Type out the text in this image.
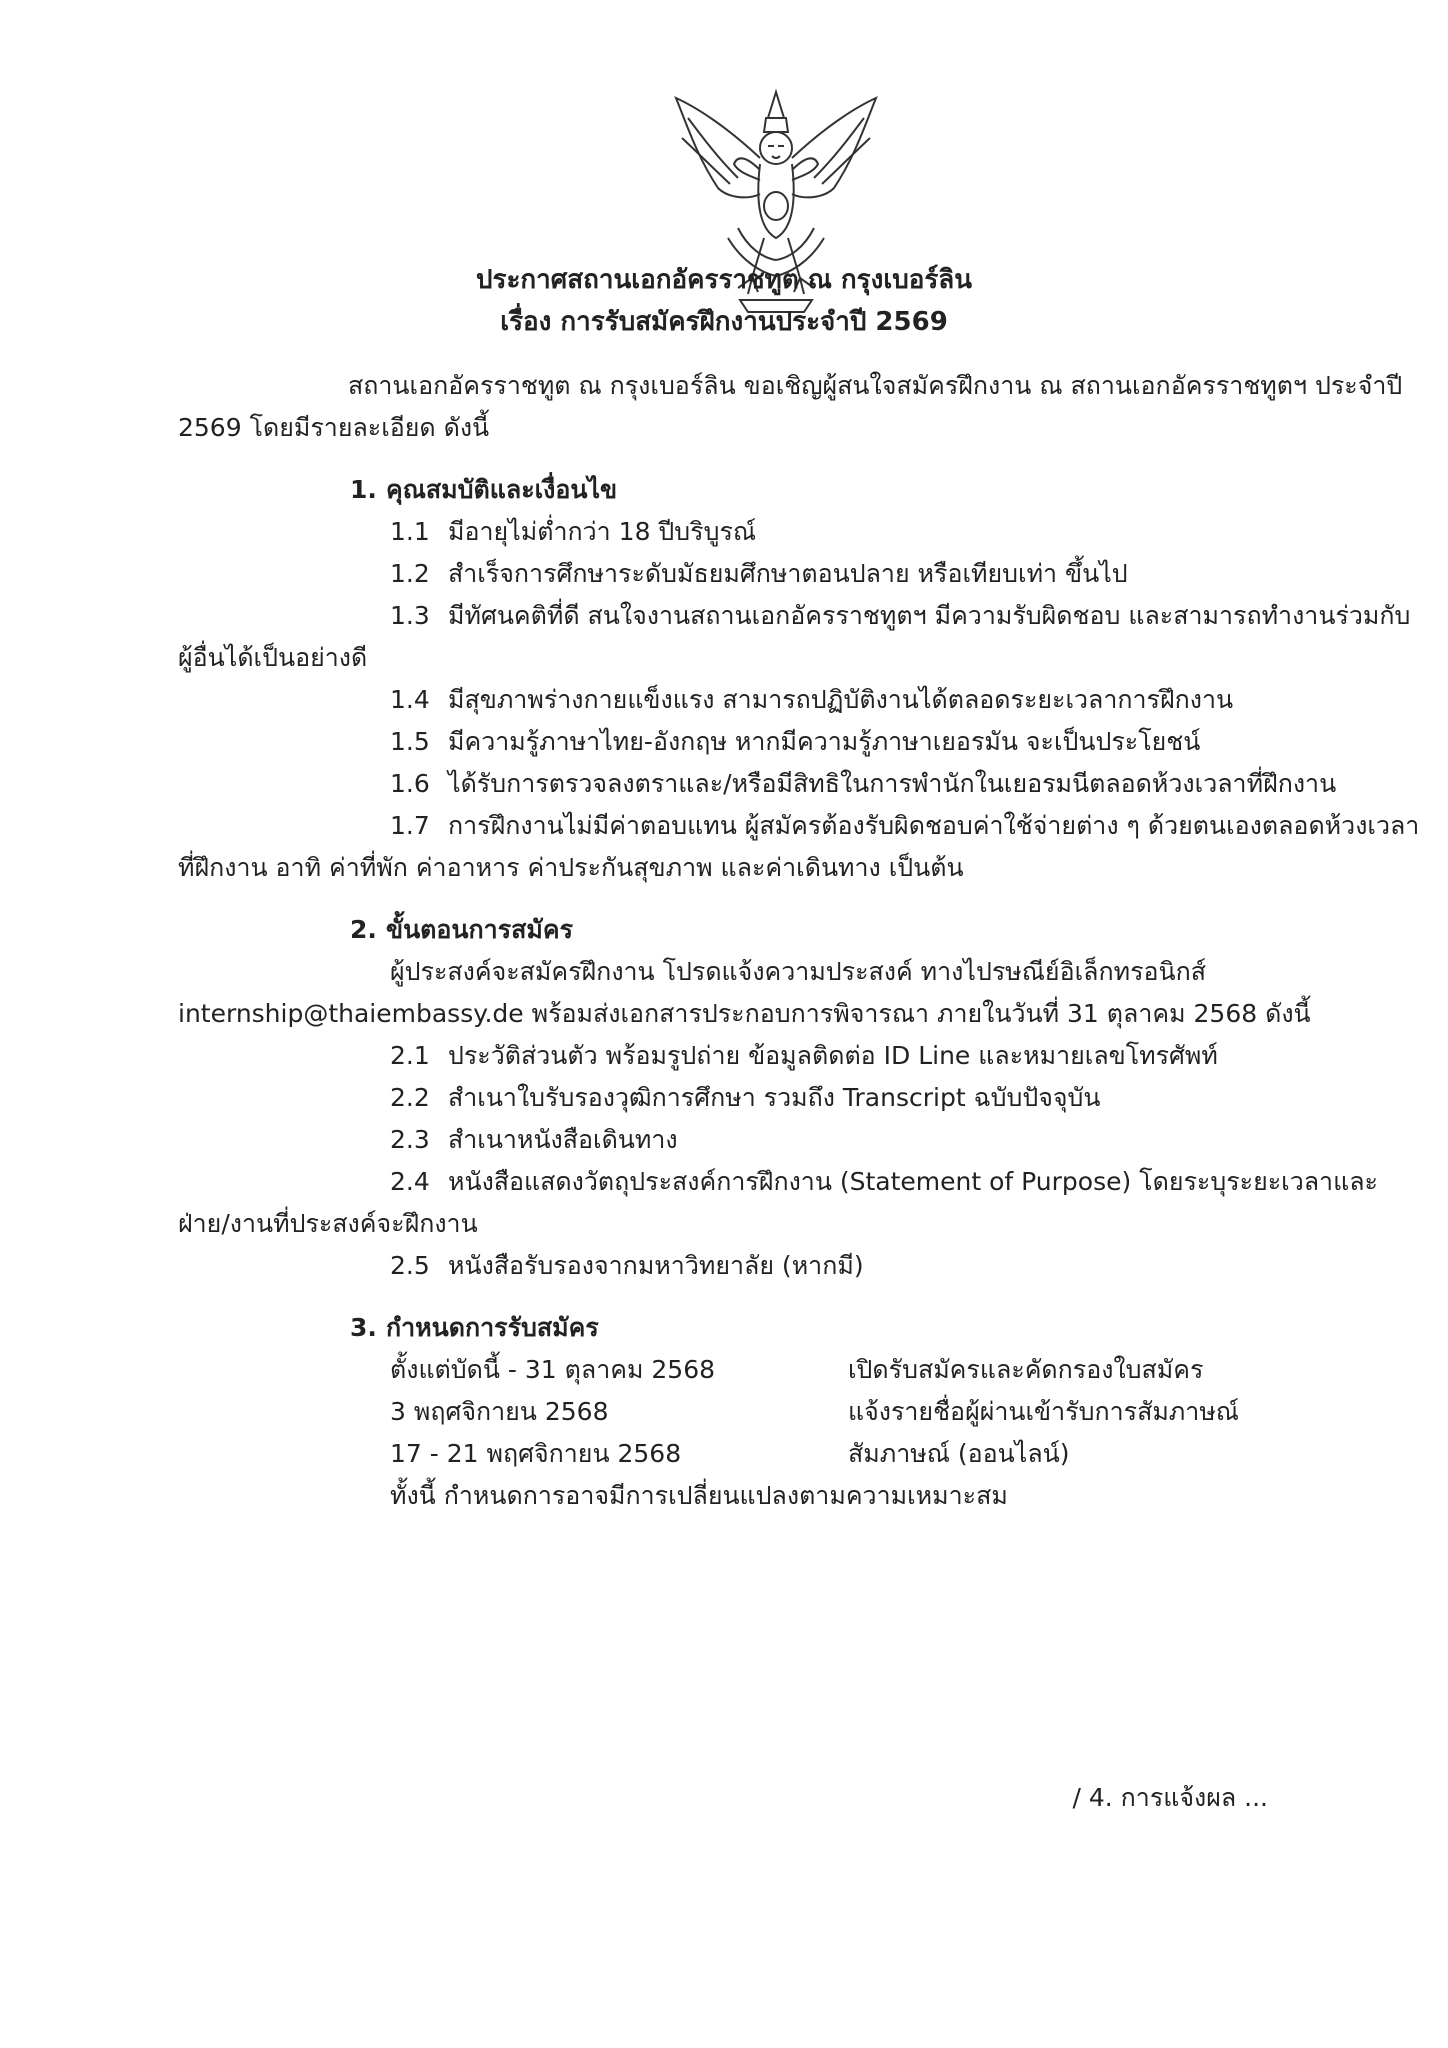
ประกาศสถานเอกอัครราชทูต ณ กรุงเบอร์ลิน
เรื่อง การรับสมัครฝึกงานประจำปี 2569
สถานเอกอัครราชทูต ณ กรุงเบอร์ลิน ขอเชิญผู้สนใจสมัครฝึกงาน ณ สถานเอกอัครราชทูตฯ ประจำปี
2569 โดยมีรายละเอียด ดังนี้
1. คุณสมบัติและเงื่อนไข
1.1 มีอายุไม่ต่ำกว่า 18 ปีบริบูรณ์
1.2 สำเร็จการศึกษาระดับมัธยมศึกษาตอนปลาย หรือเทียบเท่า ขึ้นไป
1.3 มีทัศนคติที่ดี สนใจงานสถานเอกอัครราชทูตฯ มีความรับผิดชอบ และสามารถทำงานร่วมกับ
ผู้อื่นได้เป็นอย่างดี
1.4 มีสุขภาพร่างกายแข็งแรง สามารถปฏิบัติงานได้ตลอดระยะเวลาการฝึกงาน
1.5 มีความรู้ภาษาไทย-อังกฤษ หากมีความรู้ภาษาเยอรมัน จะเป็นประโยชน์
1.6 ได้รับการตรวจลงตราและ/หรือมีสิทธิในการพำนักในเยอรมนีตลอดห้วงเวลาที่ฝึกงาน
1.7 การฝึกงานไม่มีค่าตอบแทน ผู้สมัครต้องรับผิดชอบค่าใช้จ่ายต่าง ๆ ด้วยตนเองตลอดห้วงเวลา
ที่ฝึกงาน อาทิ ค่าที่พัก ค่าอาหาร ค่าประกันสุขภาพ และค่าเดินทาง เป็นต้น
2. ขั้นตอนการสมัคร
ผู้ประสงค์จะสมัครฝึกงาน โปรดแจ้งความประสงค์ ทางไปรษณีย์อิเล็กทรอนิกส์
internship@thaiembassy.de พร้อมส่งเอกสารประกอบการพิจารณา ภายในวันที่ 31 ตุลาคม 2568 ดังนี้
2.1 ประวัติส่วนตัว พร้อมรูปถ่าย ข้อมูลติดต่อ ID Line และหมายเลขโทรศัพท์
2.2 สำเนาใบรับรองวุฒิการศึกษา รวมถึง Transcript ฉบับปัจจุบัน
2.3 สำเนาหนังสือเดินทาง
2.4 หนังสือแสดงวัตถุประสงค์การฝึกงาน (Statement of Purpose) โดยระบุระยะเวลาและ
ฝ่าย/งานที่ประสงค์จะฝึกงาน
2.5 หนังสือรับรองจากมหาวิทยาลัย (หากมี)
3. กำหนดการรับสมัคร
ตั้งแต่บัดนี้ - 31 ตุลาคม 2568	เปิดรับสมัครและคัดกรองใบสมัคร
3 พฤศจิกายน 2568	แจ้งรายชื่อผู้ผ่านเข้ารับการสัมภาษณ์
17 - 21 พฤศจิกายน 2568	สัมภาษณ์ (ออนไลน์)
ทั้งนี้ กำหนดการอาจมีการเปลี่ยนแปลงตามความเหมาะสม
/ 4. การแจ้งผล ...
